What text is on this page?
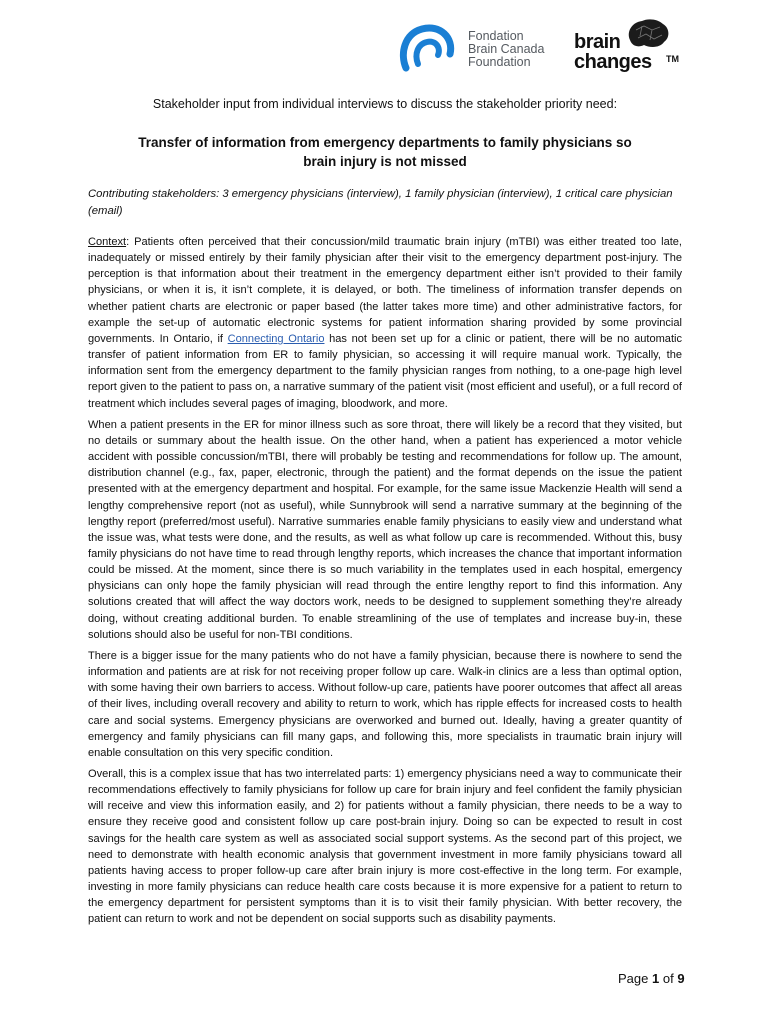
Fondation
Brain Canada
Foundation
brain
changes TM
Stakeholder input from individual interviews to discuss the stakeholder priority need:
Transfer of information from emergency departments to family physicians so
brain injury is not missed
Contributing stakeholders: 3 emergency physicians (interview), 1 family physician (interview), 1 critical care physician (email)

Context: Patients often perceived that their concussion/mild traumatic brain injury (mTBI) was either treated too late, inadequately or missed entirely by their family physician after their visit to the emergency department post-injury. The perception is that information about their treatment in the emergency department either isn’t provided to their family physicians, or when it is, it isn’t complete, it is delayed, or both. The timeliness of information transfer depends on whether patient charts are electronic or paper based (the latter takes more time) and other administrative factors, for example the set-up of automatic electronic systems for patient information sharing provided by some provincial governments. In Ontario, if Connecting Ontario has not been set up for a clinic or patient, there will be no automatic transfer of patient information from ER to family physician, so accessing it will require manual work. Typically, the information sent from the emergency department to the family physician ranges from nothing, to a one-page high level report given to the patient to pass on, a narrative summary of the patient visit (most efficient and useful), or a full record of treatment which includes several pages of imaging, bloodwork, and more.

When a patient presents in the ER for minor illness such as sore throat, there will likely be a record that they visited, but no details or summary about the health issue. On the other hand, when a patient has experienced a motor vehicle accident with possible concussion/mTBI, there will probably be testing and recommendations for follow up. The amount, distribution channel (e.g., fax, paper, electronic, through the patient) and the format depends on the issue the patient presented with at the emergency department and hospital. For example, for the same issue Mackenzie Health will send a lengthy comprehensive report (not as useful), while Sunnybrook will send a narrative summary at the beginning of the lengthy report (preferred/most useful). Narrative summaries enable family physicians to easily view and understand what the issue was, what tests were done, and the results, as well as what follow up care is recommended. Without this, busy family physicians do not have time to read through lengthy reports, which increases the chance that important information could be missed. At the moment, since there is so much variability in the templates used in each hospital, emergency physicians can only hope the family physician will read through the entire lengthy report to find this information. Any solutions created that will affect the way doctors work, needs to be designed to supplement something they’re already doing, without creating additional burden. To enable streamlining of the use of templates and increase buy-in, these solutions should also be useful for non-TBI conditions.

There is a bigger issue for the many patients who do not have a family physician, because there is nowhere to send the information and patients are at risk for not receiving proper follow up care. Walk-in clinics are a less than optimal option, with some having their own barriers to access. Without follow-up care, patients have poorer outcomes that affect all areas of their lives, including overall recovery and ability to return to work, which has ripple effects for increased costs to health care and social systems. Emergency physicians are overworked and burned out. Ideally, having a greater quantity of emergency and family physicians can fill many gaps, and following this, more specialists in traumatic brain injury will enable consultation on this very specific condition.

Overall, this is a complex issue that has two interrelated parts: 1) emergency physicians need a way to communicate their recommendations effectively to family physicians for follow up care for brain injury and feel confident the family physician will receive and view this information easily, and 2) for patients without a family physician, there needs to be a way to ensure they receive good and consistent follow up care post-brain injury. Doing so can be expected to result in cost savings for the health care system as well as associated social support systems. As the second part of this project, we need to demonstrate with health economic analysis that government investment in more family physicians toward all patients having access to proper follow-up care after brain injury is more cost-effective in the long term. For example, investing in more family physicians can reduce health care costs because it is more expensive for a patient to return to the emergency department for persistent symptoms than it is to visit their family physician. With better recovery, the patient can return to work and not be dependent on social supports such as disability payments.

Page 1 of 9
